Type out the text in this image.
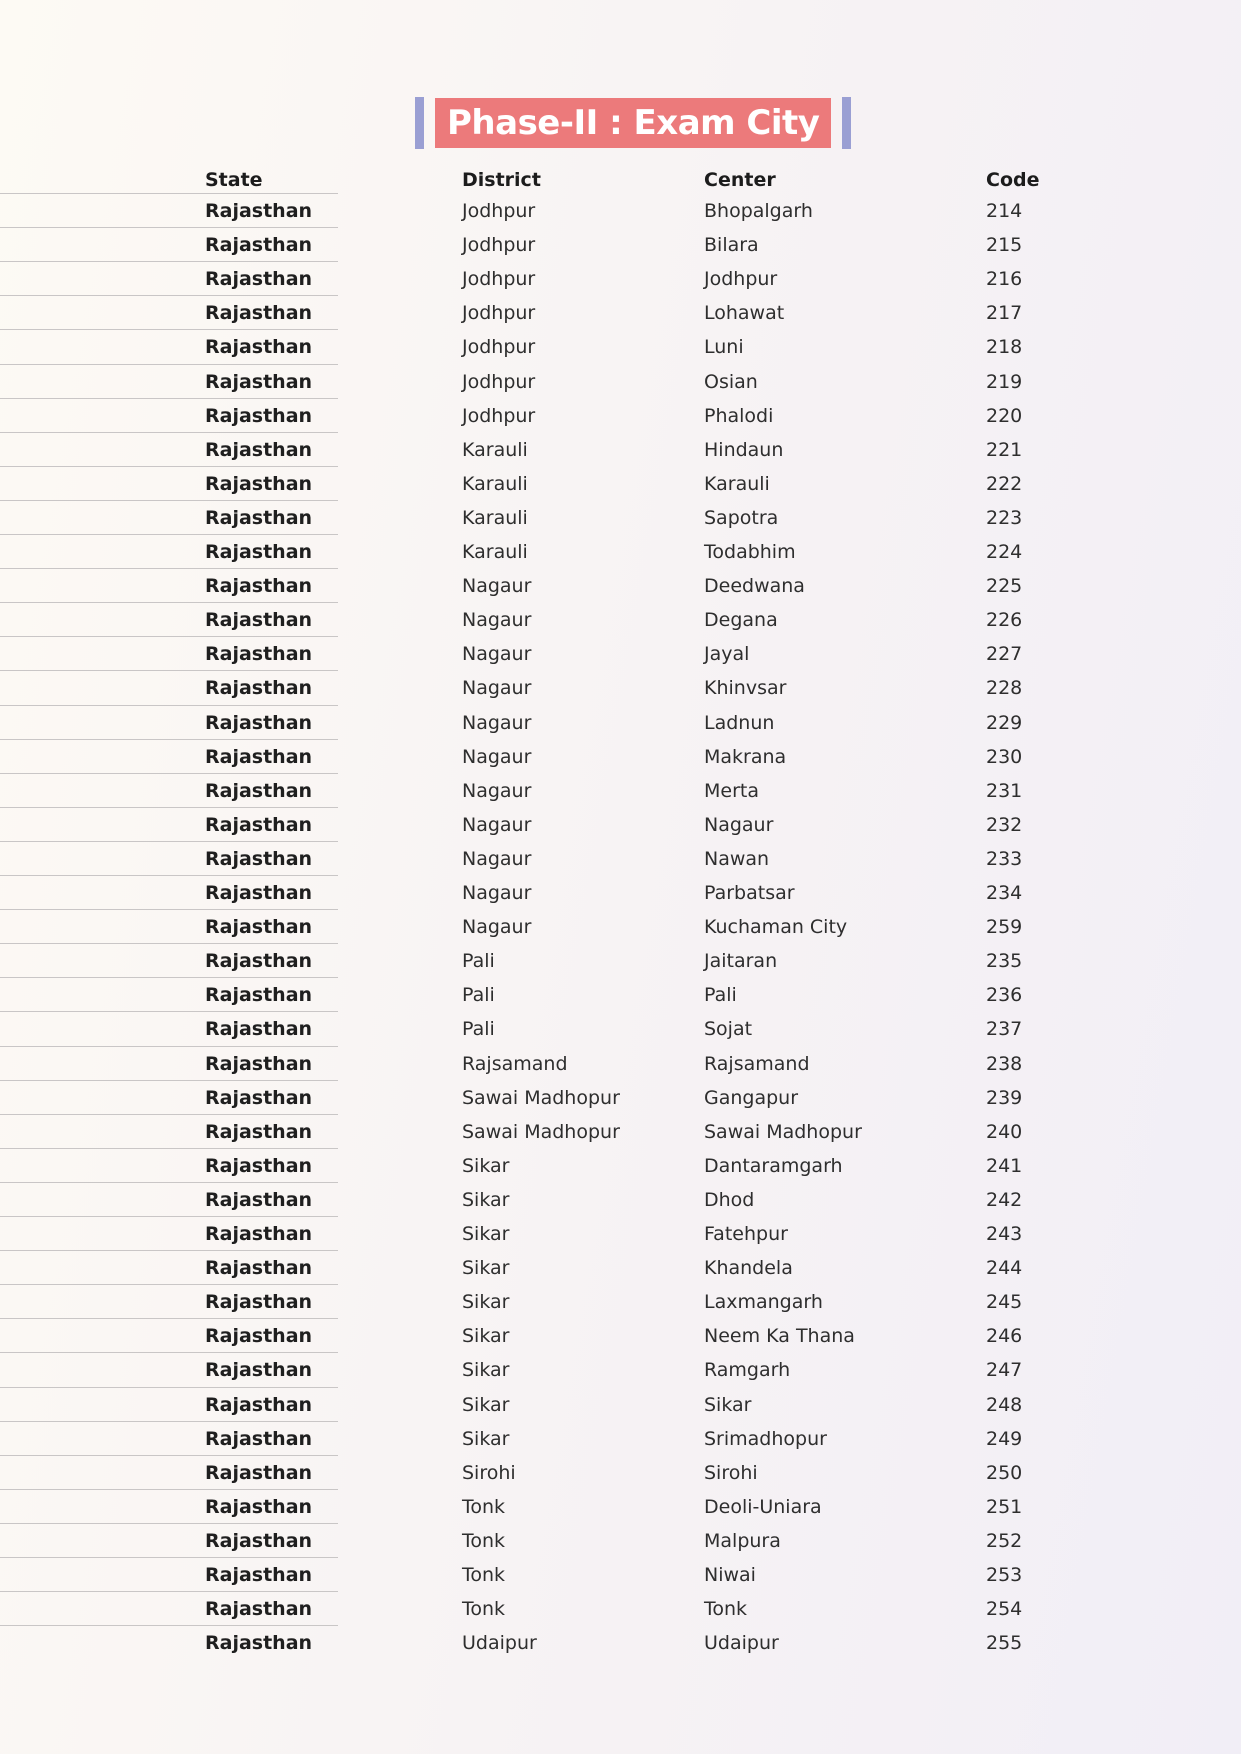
Phase-II : Exam City
State	District	Center	Code
Rajasthan	Jodhpur	Bhopalgarh	214
Rajasthan	Jodhpur	Bilara	215
Rajasthan	Jodhpur	Jodhpur	216
Rajasthan	Jodhpur	Lohawat	217
Rajasthan	Jodhpur	Luni	218
Rajasthan	Jodhpur	Osian	219
Rajasthan	Jodhpur	Phalodi	220
Rajasthan	Karauli	Hindaun	221
Rajasthan	Karauli	Karauli	222
Rajasthan	Karauli	Sapotra	223
Rajasthan	Karauli	Todabhim	224
Rajasthan	Nagaur	Deedwana	225
Rajasthan	Nagaur	Degana	226
Rajasthan	Nagaur	Jayal	227
Rajasthan	Nagaur	Khinvsar	228
Rajasthan	Nagaur	Ladnun	229
Rajasthan	Nagaur	Makrana	230
Rajasthan	Nagaur	Merta	231
Rajasthan	Nagaur	Nagaur	232
Rajasthan	Nagaur	Nawan	233
Rajasthan	Nagaur	Parbatsar	234
Rajasthan	Nagaur	Kuchaman City	259
Rajasthan	Pali	Jaitaran	235
Rajasthan	Pali	Pali	236
Rajasthan	Pali	Sojat	237
Rajasthan	Rajsamand	Rajsamand	238
Rajasthan	Sawai Madhopur	Gangapur	239
Rajasthan	Sawai Madhopur	Sawai Madhopur	240
Rajasthan	Sikar	Dantaramgarh	241
Rajasthan	Sikar	Dhod	242
Rajasthan	Sikar	Fatehpur	243
Rajasthan	Sikar	Khandela	244
Rajasthan	Sikar	Laxmangarh	245
Rajasthan	Sikar	Neem Ka Thana	246
Rajasthan	Sikar	Ramgarh	247
Rajasthan	Sikar	Sikar	248
Rajasthan	Sikar	Srimadhopur	249
Rajasthan	Sirohi	Sirohi	250
Rajasthan	Tonk	Deoli-Uniara	251
Rajasthan	Tonk	Malpura	252
Rajasthan	Tonk	Niwai	253
Rajasthan	Tonk	Tonk	254
Rajasthan	Udaipur	Udaipur	255
